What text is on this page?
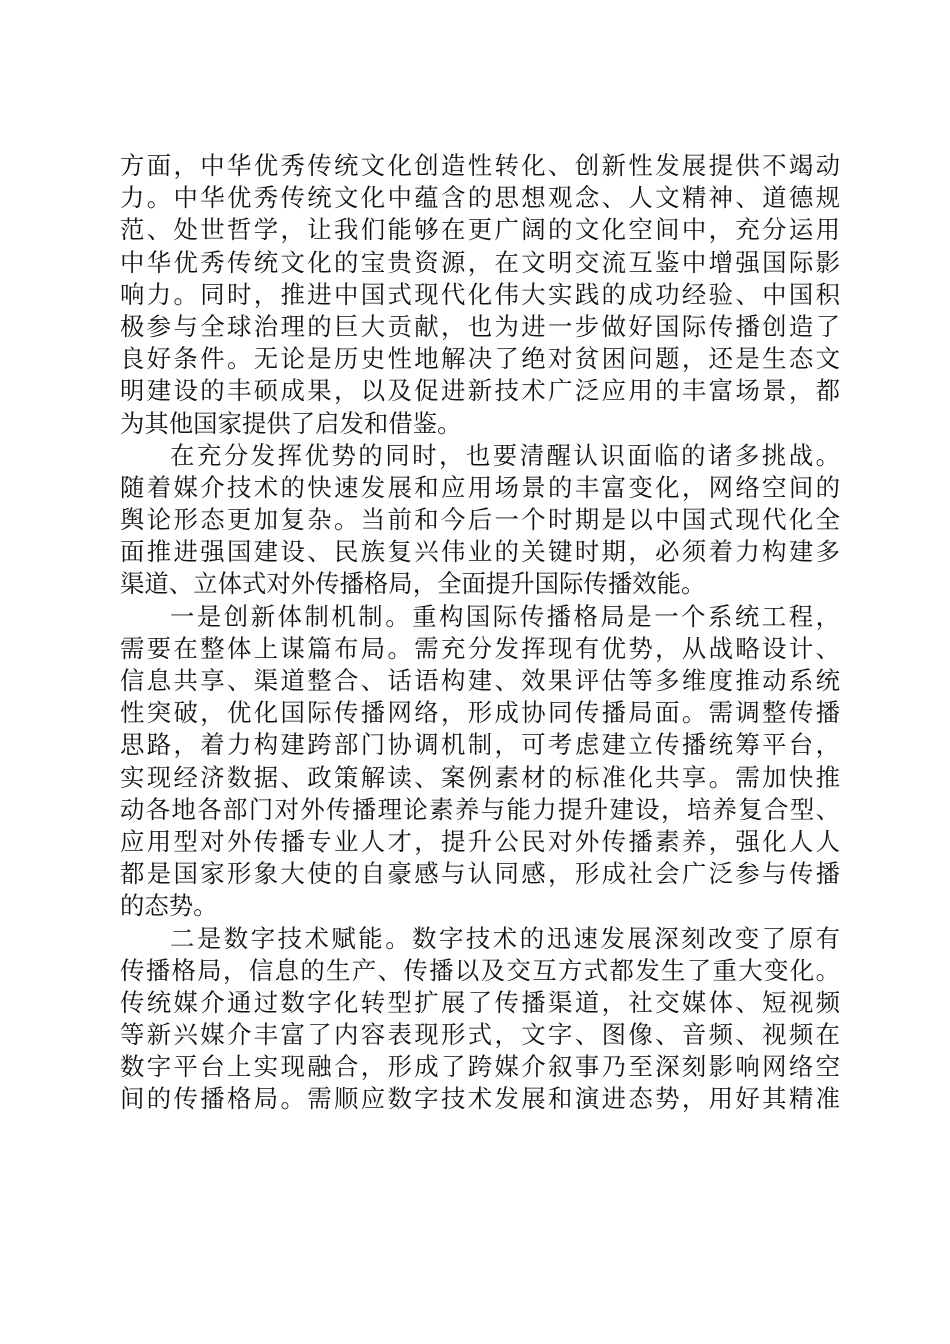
方面，中华优秀传统文化创造性转化、创新性发展提供不竭动
力。中华优秀传统文化中蕴含的思想观念、人文精神、道德规
范、处世哲学，让我们能够在更广阔的文化空间中，充分运用
中华优秀传统文化的宝贵资源，在文明交流互鉴中增强国际影
响力。同时，推进中国式现代化伟大实践的成功经验、中国积
极参与全球治理的巨大贡献，也为进一步做好国际传播创造了
良好条件。无论是历史性地解决了绝对贫困问题，还是生态文
明建设的丰硕成果，以及促进新技术广泛应用的丰富场景，都
为其他国家提供了启发和借鉴。
在充分发挥优势的同时，也要清醒认识面临的诸多挑战。
随着媒介技术的快速发展和应用场景的丰富变化，网络空间的
舆论形态更加复杂。当前和今后一个时期是以中国式现代化全
面推进强国建设、民族复兴伟业的关键时期，必须着力构建多
渠道、立体式对外传播格局，全面提升国际传播效能。
一是创新体制机制。重构国际传播格局是一个系统工程，
需要在整体上谋篇布局。需充分发挥现有优势，从战略设计、
信息共享、渠道整合、话语构建、效果评估等多维度推动系统
性突破，优化国际传播网络，形成协同传播局面。需调整传播
思路，着力构建跨部门协调机制，可考虑建立传播统筹平台，
实现经济数据、政策解读、案例素材的标准化共享。需加快推
动各地各部门对外传播理论素养与能力提升建设，培养复合型、
应用型对外传播专业人才，提升公民对外传播素养，强化人人
都是国家形象大使的自豪感与认同感，形成社会广泛参与传播
的态势。
二是数字技术赋能。数字技术的迅速发展深刻改变了原有
传播格局，信息的生产、传播以及交互方式都发生了重大变化。
传统媒介通过数字化转型扩展了传播渠道，社交媒体、短视频
等新兴媒介丰富了内容表现形式，文字、图像、音频、视频在
数字平台上实现融合，形成了跨媒介叙事乃至深刻影响网络空
间的传播格局。需顺应数字技术发展和演进态势，用好其精准
